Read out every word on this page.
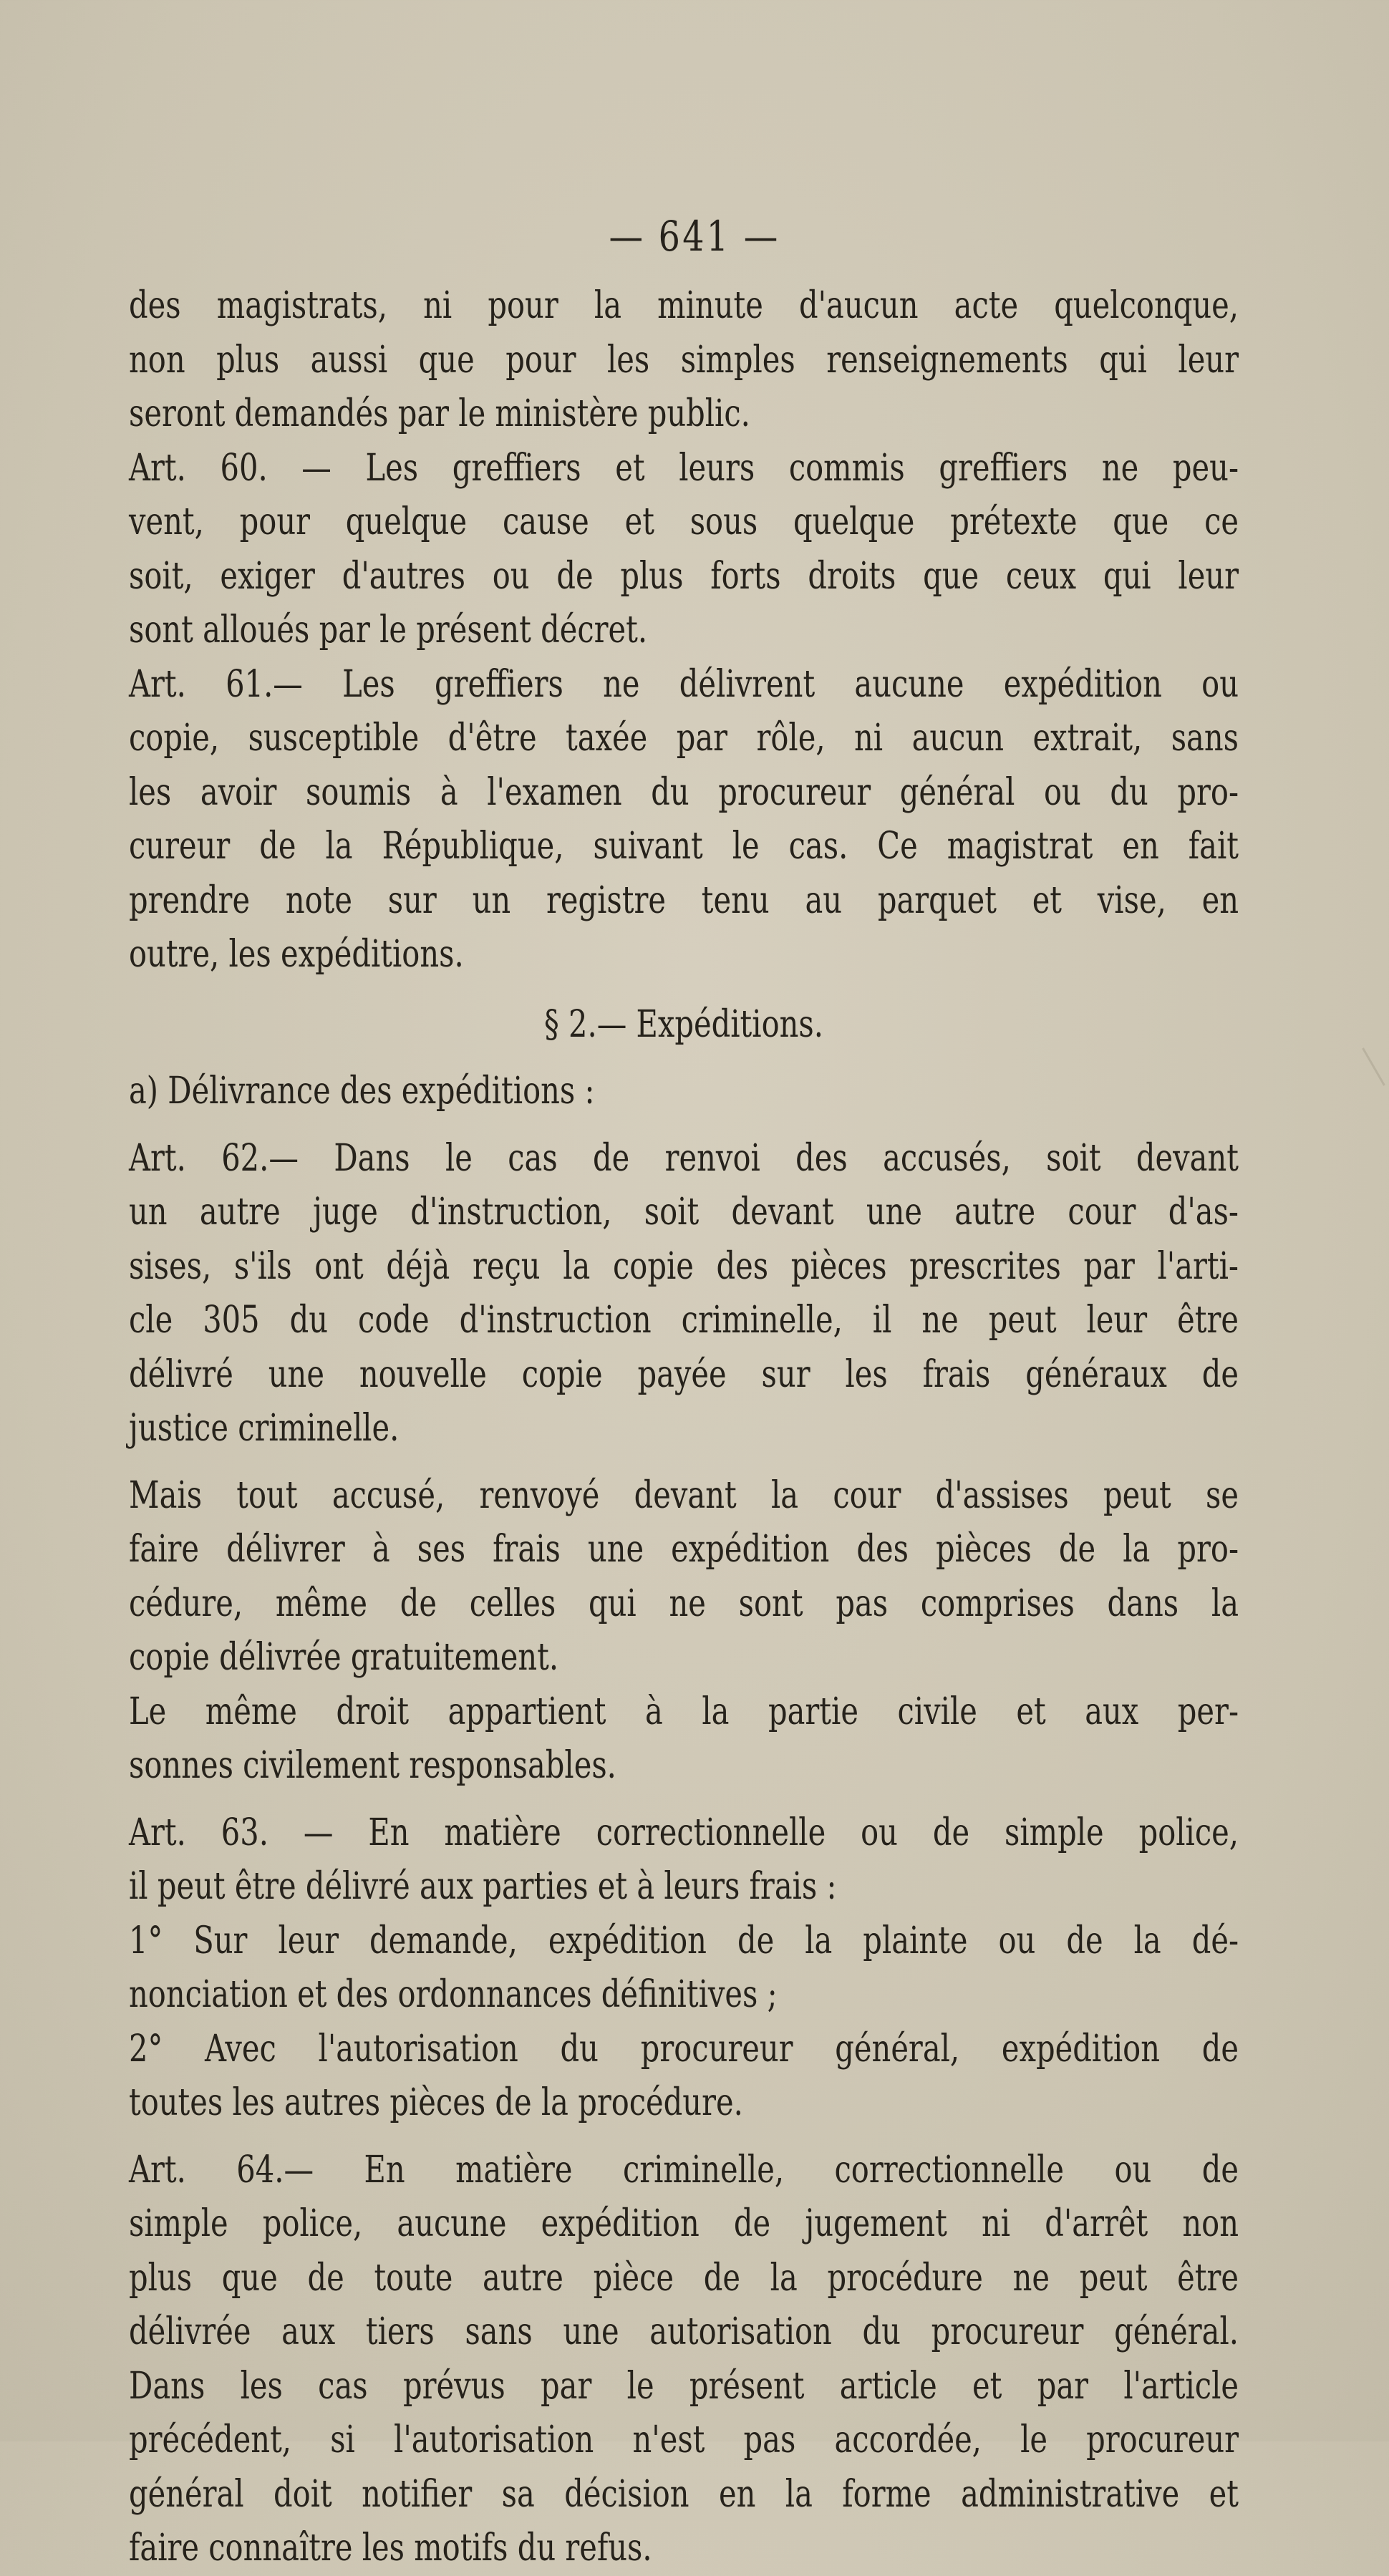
— 641 —
des magistrats, ni pour la minute d'aucun acte quelconque,
non plus aussi que pour les simples renseignements qui leur
seront demandés par le ministère public.
Art. 60. — Les greffiers et leurs commis greffiers ne peu-
vent, pour quelque cause et sous quelque prétexte que ce
soit, exiger d'autres ou de plus forts droits que ceux qui leur
sont alloués par le présent décret.
Art. 61.— Les greffiers ne délivrent aucune expédition ou
copie, susceptible d'être taxée par rôle, ni aucun extrait, sans
les avoir soumis à l'examen du procureur général ou du pro-
cureur de la République, suivant le cas. Ce magistrat en fait
prendre note sur un registre tenu au parquet et vise, en
outre, les expéditions.
§ 2.— Expéditions.
a) Délivrance des expéditions :
Art. 62.— Dans le cas de renvoi des accusés, soit devant
un autre juge d'instruction, soit devant une autre cour d'as-
sises, s'ils ont déjà reçu la copie des pièces prescrites par l'arti-
cle 305 du code d'instruction criminelle, il ne peut leur être
délivré une nouvelle copie payée sur les frais généraux de
justice criminelle.
Mais tout accusé, renvoyé devant la cour d'assises peut se
faire délivrer à ses frais une expédition des pièces de la pro-
cédure, même de celles qui ne sont pas comprises dans la
copie délivrée gratuitement.
Le même droit appartient à la partie civile et aux per-
sonnes civilement responsables.
Art. 63. — En matière correctionnelle ou de simple police,
il peut être délivré aux parties et à leurs frais :
1° Sur leur demande, expédition de la plainte ou de la dé-
nonciation et des ordonnances définitives ;
2° Avec l'autorisation du procureur général, expédition de
toutes les autres pièces de la procédure.
Art. 64.— En matière criminelle, correctionnelle ou de
simple police, aucune expédition de jugement ni d'arrêt non
plus que de toute autre pièce de la procédure ne peut être
délivrée aux tiers sans une autorisation du procureur général.
Dans les cas prévus par le présent article et par l'article
précédent, si l'autorisation n'est pas accordée, le procureur
général doit notifier sa décision en la forme administrative et
faire connaître les motifs du refus.
